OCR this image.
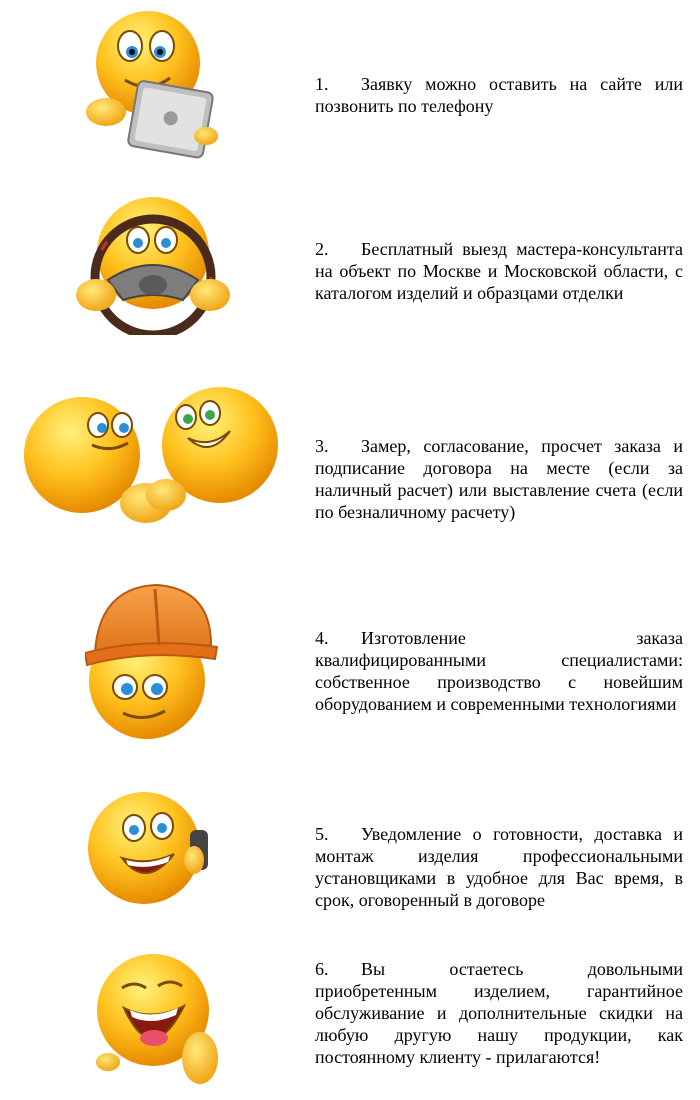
1. Заявку можно оставить на сайте или позвонить по телефону
2. Бесплатный выезд мастера-консультанта на объект по Москве и Московской области, с каталогом изделий и образцами отделки
3. Замер, согласование, просчет заказа и подписание договора на месте (если за наличный расчет) или выставление счета (если по безналичному расчету)
4. Изготовление заказа квалифицированными специалистами: собственное производство с новейшим оборудованием и современными технологиями
5. Уведомление о готовности, доставка и монтаж изделия профессиональными установщиками в удобное для Вас время, в срок, оговоренный в договоре
6. Вы остаетесь довольными приобретенным изделием, гарантийное обслуживание и дополнительные скидки на любую другую нашу продукции, как постоянному клиенту - прилагаются!
